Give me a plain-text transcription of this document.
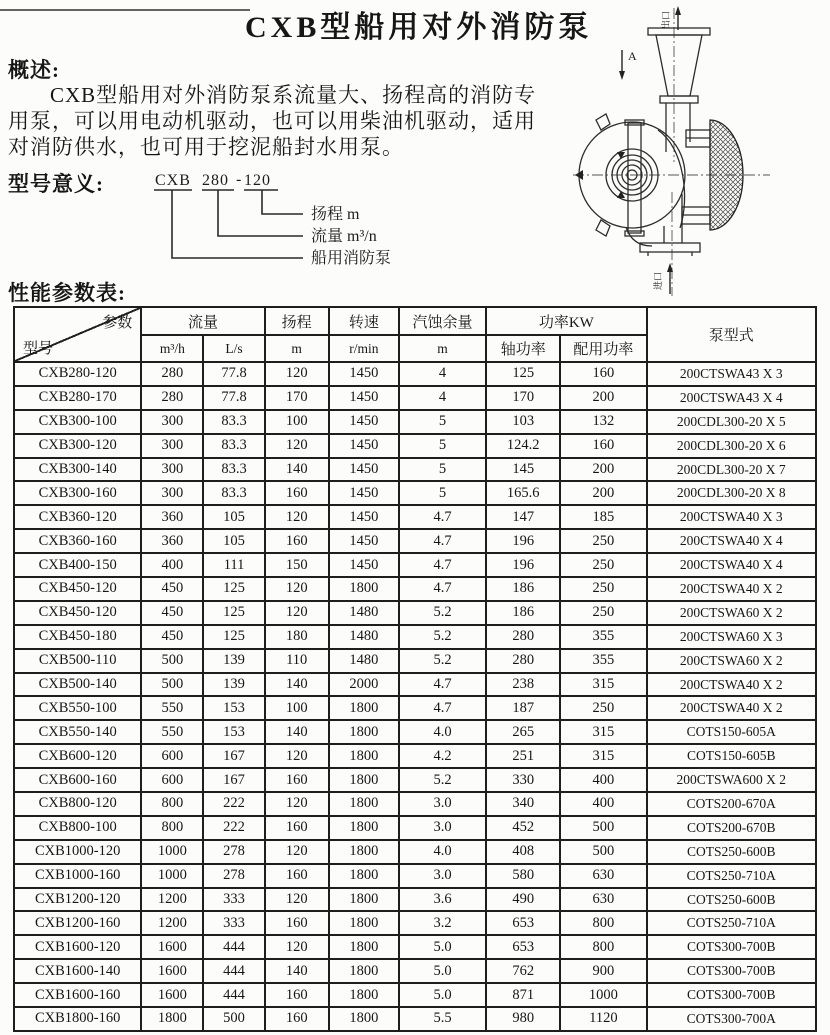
CXB型船用对外消防泵
概述:
CXB型船用对外消防泵系流量大、扬程高的消防专
用泵，可以用电动机驱动，也可以用柴油机驱动，适用
对消防供水，也可用于挖泥船封水用泵。
型号意义:	CXB 280 - 120
扬程 m
流量 m³/n
船用消防泵
出口
A
进口
性能参数表:
参数
型号	流量		扬程	转速	汽蚀余量	功率KW		泵型式
	m³/h	L/s	m	r/min	m	轴功率	配用功率	
CXB280-120	280	77.8	120	1450	4	125	160	200CTSWA43 X 3
CXB280-170	280	77.8	170	1450	4	170	200	200CTSWA43 X 4
CXB300-100	300	83.3	100	1450	5	103	132	200CDL300-20 X 5
CXB300-120	300	83.3	120	1450	5	124.2	160	200CDL300-20 X 6
CXB300-140	300	83.3	140	1450	5	145	200	200CDL300-20 X 7
CXB300-160	300	83.3	160	1450	5	165.6	200	200CDL300-20 X 8
CXB360-120	360	105	120	1450	4.7	147	185	200CTSWA40 X 3
CXB360-160	360	105	160	1450	4.7	196	250	200CTSWA40 X 4
CXB400-150	400	111	150	1450	4.7	196	250	200CTSWA40 X 4
CXB450-120	450	125	120	1800	4.7	186	250	200CTSWA40 X 2
CXB450-120	450	125	120	1480	5.2	186	250	200CTSWA60 X 2
CXB450-180	450	125	180	1480	5.2	280	355	200CTSWA60 X 3
CXB500-110	500	139	110	1480	5.2	280	355	200CTSWA60 X 2
CXB500-140	500	139	140	2000	4.7	238	315	200CTSWA40 X 2
CXB550-100	550	153	100	1800	4.7	187	250	200CTSWA40 X 2
CXB550-140	550	153	140	1800	4.0	265	315	COTS150-605A
CXB600-120	600	167	120	1800	4.2	251	315	COTS150-605B
CXB600-160	600	167	160	1800	5.2	330	400	200CTSWA600 X 2
CXB800-120	800	222	120	1800	3.0	340	400	COTS200-670A
CXB800-100	800	222	160	1800	3.0	452	500	COTS200-670B
CXB1000-120	1000	278	120	1800	4.0	408	500	COTS250-600B
CXB1000-160	1000	278	160	1800	3.0	580	630	COTS250-710A
CXB1200-120	1200	333	120	1800	3.6	490	630	COTS250-600B
CXB1200-160	1200	333	160	1800	3.2	653	800	COTS250-710A
CXB1600-120	1600	444	120	1800	5.0	653	800	COTS300-700B
CXB1600-140	1600	444	140	1800	5.0	762	900	COTS300-700B
CXB1600-160	1600	444	160	1800	5.0	871	1000	COTS300-700B
CXB1800-160	1800	500	160	1800	5.5	980	1120	COTS300-700A
